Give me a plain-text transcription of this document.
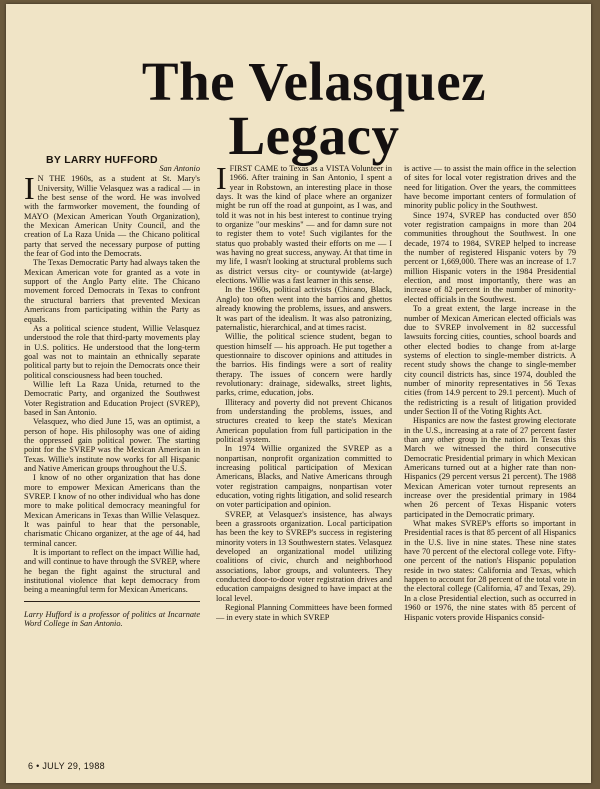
The Velasquez
Legacy
BY LARRY HUFFORD
San Antonio

I N THE 1960s, as a student at St. Mary's University, Willie Velasquez was a radical — in the best sense of the word. He was involved with the farmworker movement, the founding of MAYO (Mexican American Youth Organization), the Mexican American Unity Council, and the creation of La Raza Unida — the Chicano political party that served the necessary purpose of putting the fear of God into the Democrats.

The Texas Democratic Party had always taken the Mexican American vote for granted as a vote in support of the Anglo Party elite. The Chicano movement forced Democrats in Texas to confront the structural barriers that prevented Mexican Americans from participating within the Party as equals.

As a political science student, Willie Velasquez understood the role that third-party movements play in U.S. politics. He understood that the long-term goal was not to maintain an ethnically separate political party but to rejoin the Democrats once their political consciousness had been touched.

Willie left La Raza Unida, returned to the Democratic Party, and organized the Southwest Voter Registration and Education Project (SVREP), based in San Antonio.

Velasquez, who died June 15, was an optimist, a person of hope. His philosophy was one of aiding the oppressed gain political power. The starting point for the SVREP was the Mexican American in Texas. Willie's institute now works for all Hispanic and Native American groups throughout the U.S.

I know of no other organization that has done more to empower Mexican Americans than the SVREP. I know of no other individual who has done more to make political democracy meaningful for Mexican Americans in Texas than Willie Velasquez. It was painful to hear that the personable, charismatic Chicano organizer, at the age of 44, had terminal cancer.

It is important to reflect on the impact Willie had, and will continue to have through the SVREP, where he began the fight against the structural and institutional violence that kept democracy from being a meaningful term for Mexican Americans.

Larry Hufford is a professor of politics at Incarnate Word College in San Antonio.

IFIRST CAME to Texas as a VISTA Volunteer in 1966. After training in San Antonio, I spent a year in Robstown, an interesting place in those days. It was the kind of place where an organizer might be run off the road at gunpoint, as I was, and told it was not in his best interest to continue trying to organize "our meskins" — and for damn sure not to register them to vote! Such vigilantes for the status quo probably wasted their efforts on me — I was having no great success, anyway. At that time in my life, I wasn't looking at structural problems such as district versus city- or countywide (at-large) elections. Willie was a fast learner in this sense.

In the 1960s, political activists (Chicano, Black, Anglo) too often went into the barrios and ghettos already knowing the problems, issues, and answers. It was part of the idealism. It was also patronizing, paternalistic, hierarchical, and at times racist.

Willie, the political science student, began to question himself — his approach. He put together a questionnaire to discover opinions and attitudes in the barrios. His findings were a sort of reality therapy. The issues of concern were hardly revolutionary: drainage, sidewalks, street lights, parks, crime, education, jobs.

Illiteracy and poverty did not prevent Chicanos from understanding the problems, issues, and structures created to keep the state's Mexican American population from full participation in the political system.

In 1974 Willie organized the SVREP as a nonpartisan, nonprofit organization committed to increasing political participation of Mexican Americans, Blacks, and Native Americans through voter registration campaigns, nonpartisan voter education, voting rights litigation, and solid research on voter participation and opinion.

SVREP, at Velasquez's insistence, has always been a grassroots organization. Local participation has been the key to SVREP's success in registering minority voters in 13 Southwestern states. Velasquez developed an organizational model utilizing coalitions of civic, church and neighborhood associations, labor groups, and volunteers. They conducted door-to-door voter registration drives and education campaigns designed to have impact at the local level.

Regional Planning Committees have been formed — in every state in which SVREP

is active — to assist the main office in the selection of sites for local voter registration drives and the need for litigation. Over the years, the committees have become important centers of formulation of minority public policy in the Southwest.

Since 1974, SVREP has conducted over 850 voter registration campaigns in more than 204 communities throughout the Southwest. In one decade, 1974 to 1984, SVREP helped to increase the number of registered Hispanic voters by 79 percent or 1,669,000. There was an increase of 1.7 million Hispanic voters in the 1984 Presidential election, and most importantly, there was an increase of 82 percent in the number of minority-elected officials in the Southwest.

To a great extent, the large increase in the number of Mexican American elected officials was due to SVREP involvement in 82 successful lawsuits forcing cities, counties, school boards and other elected bodies to change from at-large systems of election to single-member districts. A recent study shows the change to single-member city council districts has, since 1974, doubled the number of minority representatives in 56 Texas cities (from 14.9 percent to 29.1 percent). Much of the redistricting is a result of litigation provided under Section II of the Voting Rights Act.

Hispanics are now the fastest growing electorate in the U.S., increasing at a rate of 27 percent faster than any other group in the nation. In Texas this March we witnessed the third consecutive Democratic Presidential primary in which Mexican Americans turned out at a higher rate than non-Hispanics (29 percent versus 21 percent). The 1988 Mexican American voter turnout represents an increase over the presidential primary in 1984 when 26 percent of Texas Hispanic voters participated in the Democratic primary.

What makes SVREP's efforts so important in Presidential races is that 85 percent of all Hispanics in the U.S. live in nine states. These nine states have 70 percent of the electoral college vote. Fifty-one percent of the nation's Hispanic population reside in two states: California and Texas, which happen to account for 28 percent of the total vote in the electoral college (California, 47 and Texas, 29). In a close Presidential election, such as occurred in 1960 or 1976, the nine states with 85 percent of Hispanic voters provide Hispanics consid-

6 • JULY 29, 1988
